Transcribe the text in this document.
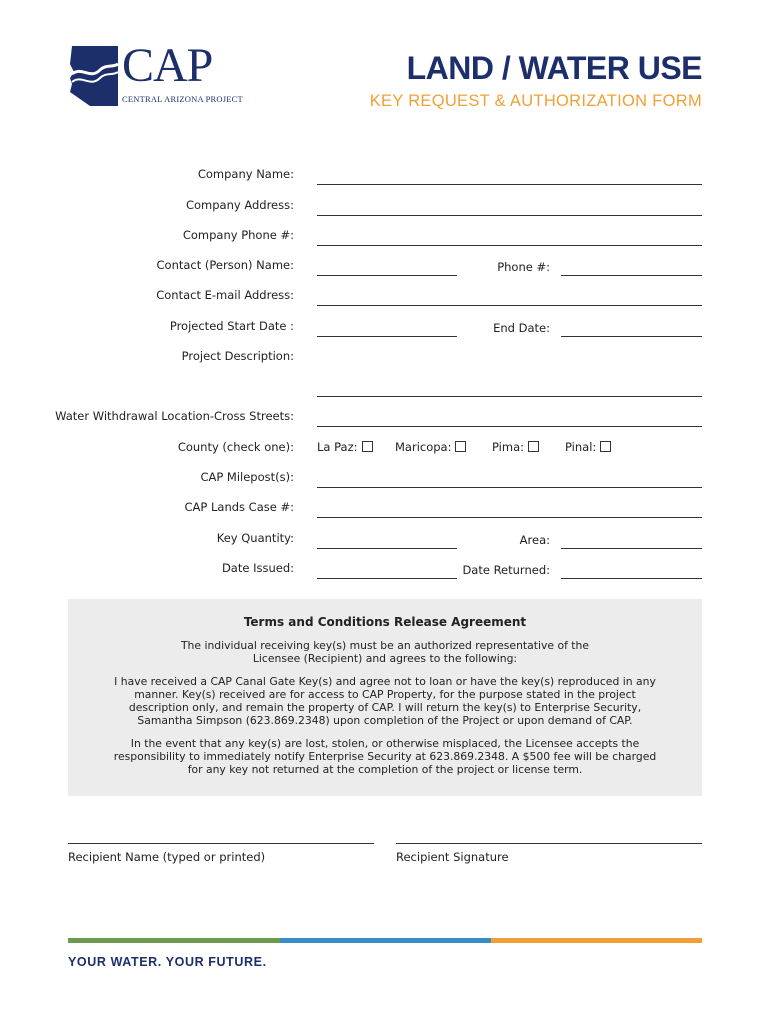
CAP
CENTRAL ARIZONA PROJECT
LAND / WATER USE
KEY REQUEST & AUTHORIZATION FORM
Company Name:
Company Address:
Company Phone #:
Contact (Person) Name:	Phone #:
Contact E-mail Address:
Projected Start Date :	End Date:
Project Description:
Water Withdrawal Location-Cross Streets:
County (check one): La Paz:	Maricopa:	Pima:	Pinal:
CAP Milepost(s):
CAP Lands Case #:
Key Quantity:	Area:
Date Issued:	Date Returned:
Terms and Conditions Release Agreement

The individual receiving key(s) must be an authorized representative of the Licensee (Recipient) and agrees to the following:

I have received a CAP Canal Gate Key(s) and agree not to loan or have the key(s) reproduced in any manner. Key(s) received are for access to CAP Property, for the purpose stated in the project description only, and remain the property of CAP. I will return the key(s) to Enterprise Security, Samantha Simpson (623.869.2348) upon completion of the Project or upon demand of CAP.

In the event that any key(s) are lost, stolen, or otherwise misplaced, the Licensee accepts the responsibility to immediately notify Enterprise Security at 623.869.2348. A $500 fee will be charged for any key not returned at the completion of the project or license term.

Recipient Name (typed or printed)	Recipient Signature
YOUR WATER. YOUR FUTURE.
